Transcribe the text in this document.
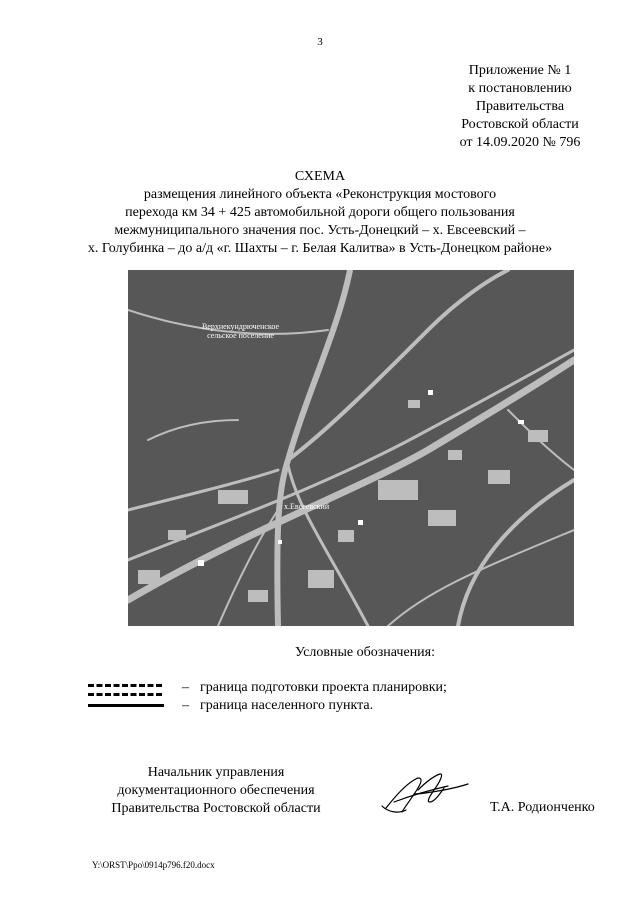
3
Приложение № 1
к постановлению
Правительства
Ростовской области
от 14.09.2020 № 796
СХЕМА
размещения линейного объекта «Реконструкция мостового
перехода км 34 + 425 автомобильной дороги общего пользования
межмуниципального значения пос. Усть-Донецкий – х. Евсеевский –
х. Голубинка – до а/д «г. Шахты – г. Белая Калитва» в Усть-Донецком районе»
Верхнекундрюченское
сельское поселение
х.Евсеевский
Условные обозначения:
– граница подготовки проекта планировки;
– граница населенного пункта.
Начальник управления
документационного обеспечения
Правительства Ростовской области	Т.А. Родионченко
Y:\ORST\Ppo\0914p796.f20.docx
